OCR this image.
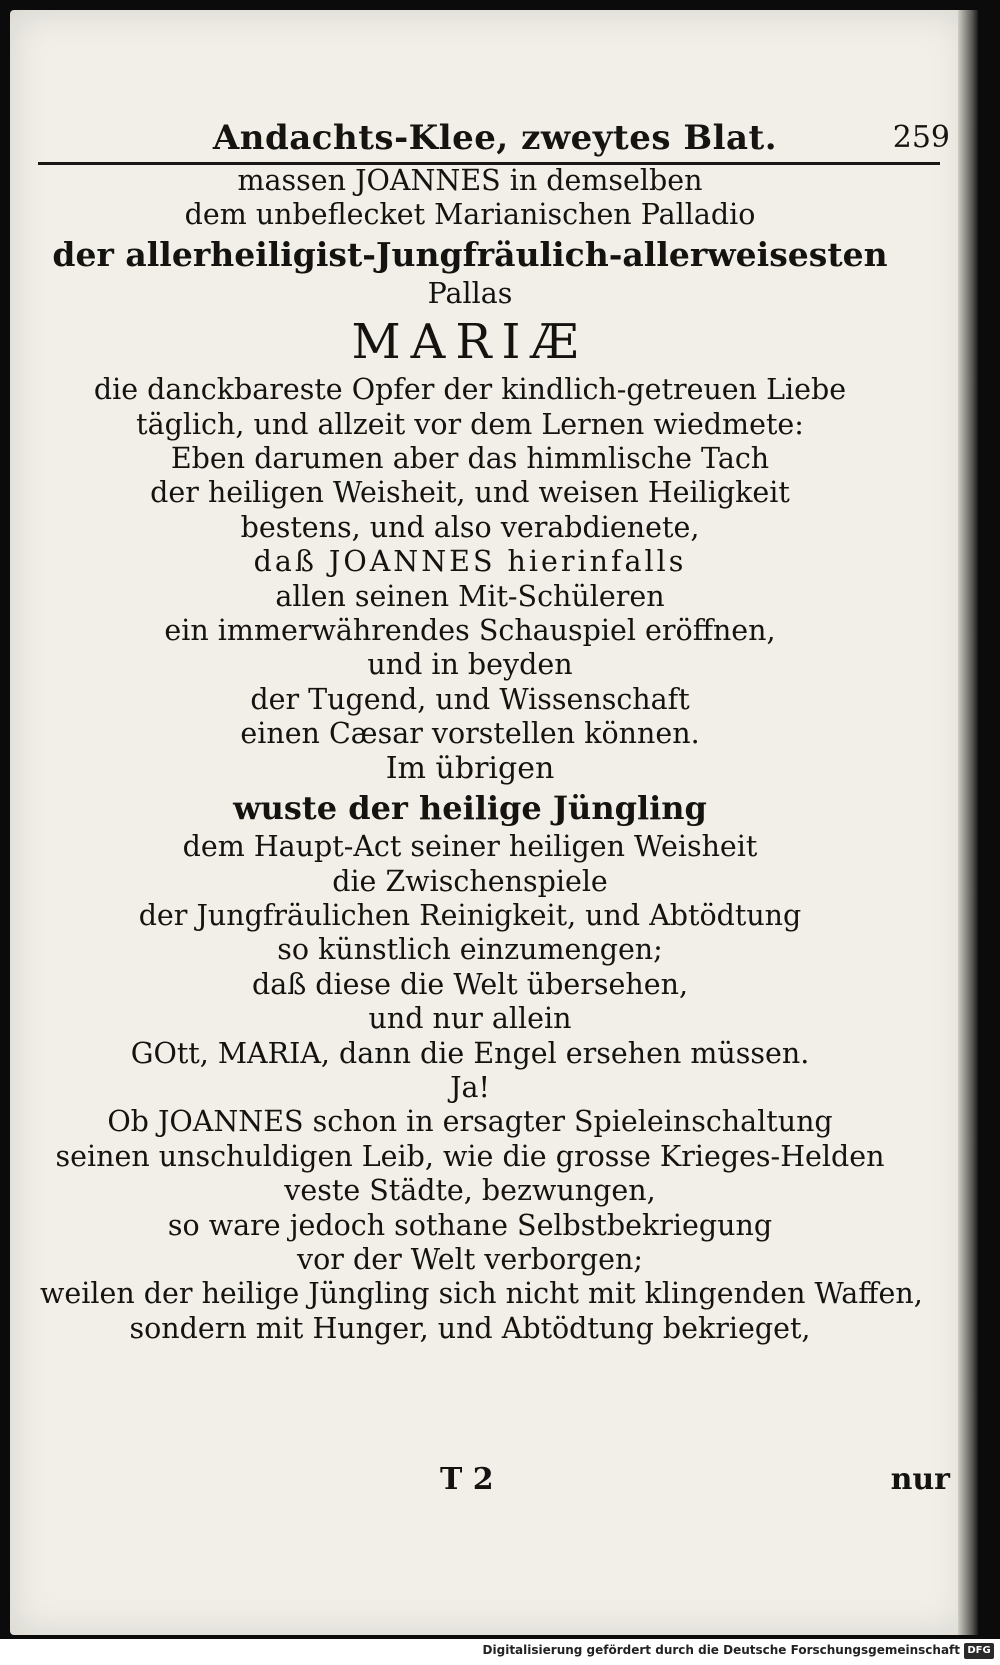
Andachts-Klee, zweytes Blat.	259
massen JOANNES in demselben
dem unbeflecket Marianischen Palladio
der allerheiligist-Jungfräulich-allerweisesten
Pallas
MARIÆ
die danckbareste Opfer der kindlich-getreuen Liebe
täglich, und allzeit vor dem Lernen wiedmete:
Eben darumen aber das himmlische Tach
der heiligen Weisheit, und weisen Heiligkeit
bestens, und also verabdienete,
daß JOANNES hierinfalls
allen seinen Mit-Schüleren
ein immerwährendes Schauspiel eröffnen,
und in beyden
der Tugend, und Wissenschaft
einen Cæsar vorstellen können.
Im übrigen
wuste der heilige Jüngling
dem Haupt-Act seiner heiligen Weisheit
die Zwischenspiele
der Jungfräulichen Reinigkeit, und Abtödtung
so künstlich einzumengen;
daß diese die Welt übersehen,
und nur allein
GOtt, MARIA, dann die Engel ersehen müssen.
Ja!
Ob JOANNES schon in ersagter Spieleinschaltung
seinen unschuldigen Leib, wie die grosse Krieges-Helden
veste Städte, bezwungen,
so ware jedoch sothane Selbstbekriegung
vor der Welt verborgen;
weilen der heilige Jüngling sich nicht mit klingenden Waffen,
sondern mit Hunger, und Abtödtung bekrieget,
T 2	nur
Digitalisierung gefördert durch die Deutsche Forschungsgemeinschaft DFG
